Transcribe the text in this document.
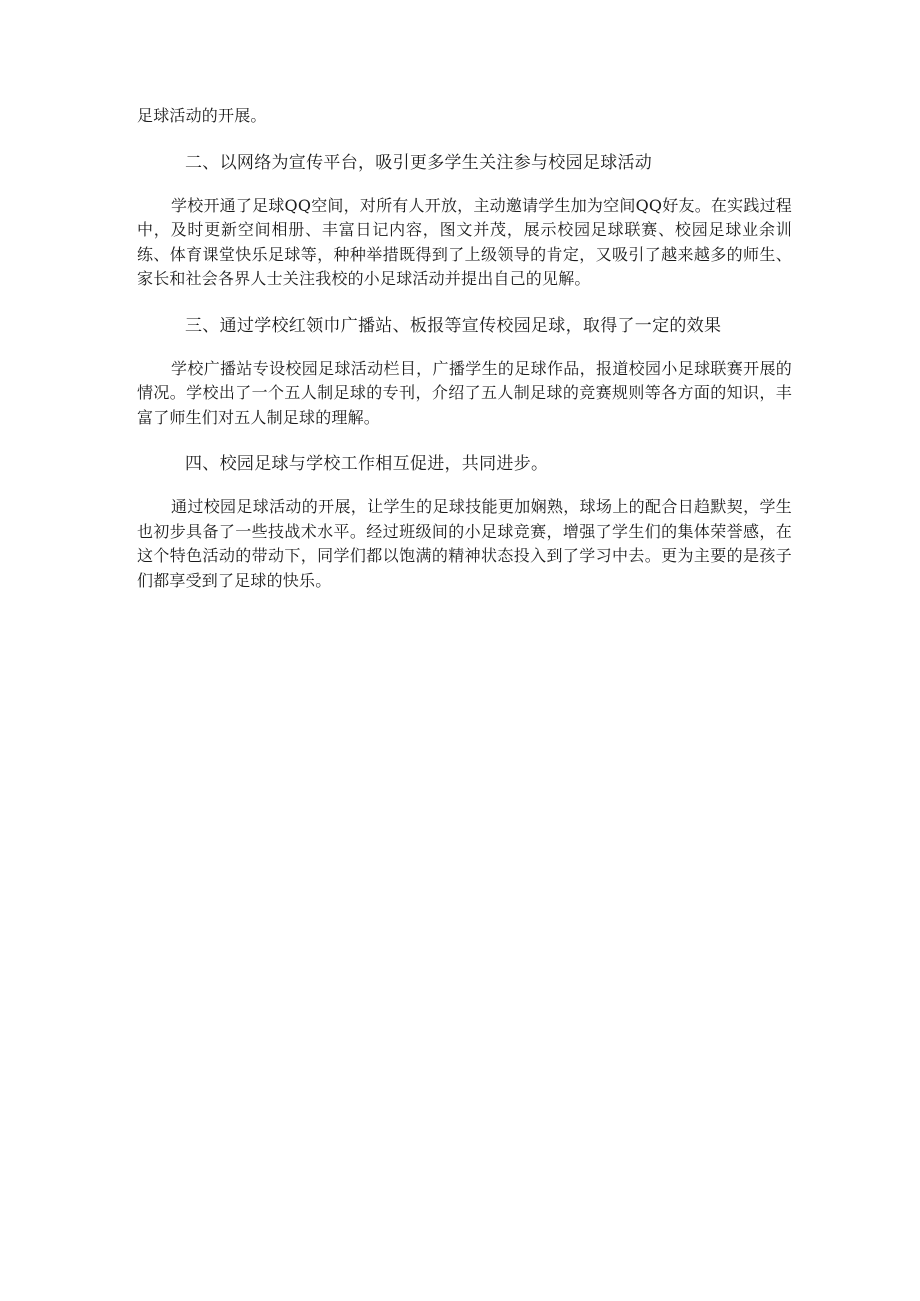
足球活动的开展。

二、以网络为宣传平台，吸引更多学生关注参与校园足球活动

学校开通了足球QQ空间，对所有人开放，主动邀请学生加为空间QQ好友。在实践过程中，及时更新空间相册、丰富日记内容，图文并茂，展示校园足球联赛、校园足球业余训练、体育课堂快乐足球等，种种举措既得到了上级领导的肯定，又吸引了越来越多的师生、家长和社会各界人士关注我校的小足球活动并提出自己的见解。

三、通过学校红领巾广播站、板报等宣传校园足球，取得了一定的效果

学校广播站专设校园足球活动栏目，广播学生的足球作品，报道校园小足球联赛开展的情况。学校出了一个五人制足球的专刊，介绍了五人制足球的竞赛规则等各方面的知识，丰富了师生们对五人制足球的理解。

四、校园足球与学校工作相互促进，共同进步。

通过校园足球活动的开展，让学生的足球技能更加娴熟，球场上的配合日趋默契，学生也初步具备了一些技战术水平。经过班级间的小足球竞赛，增强了学生们的集体荣誉感，在这个特色活动的带动下，同学们都以饱满的精神状态投入到了学习中去。更为主要的是孩子们都享受到了足球的快乐。
